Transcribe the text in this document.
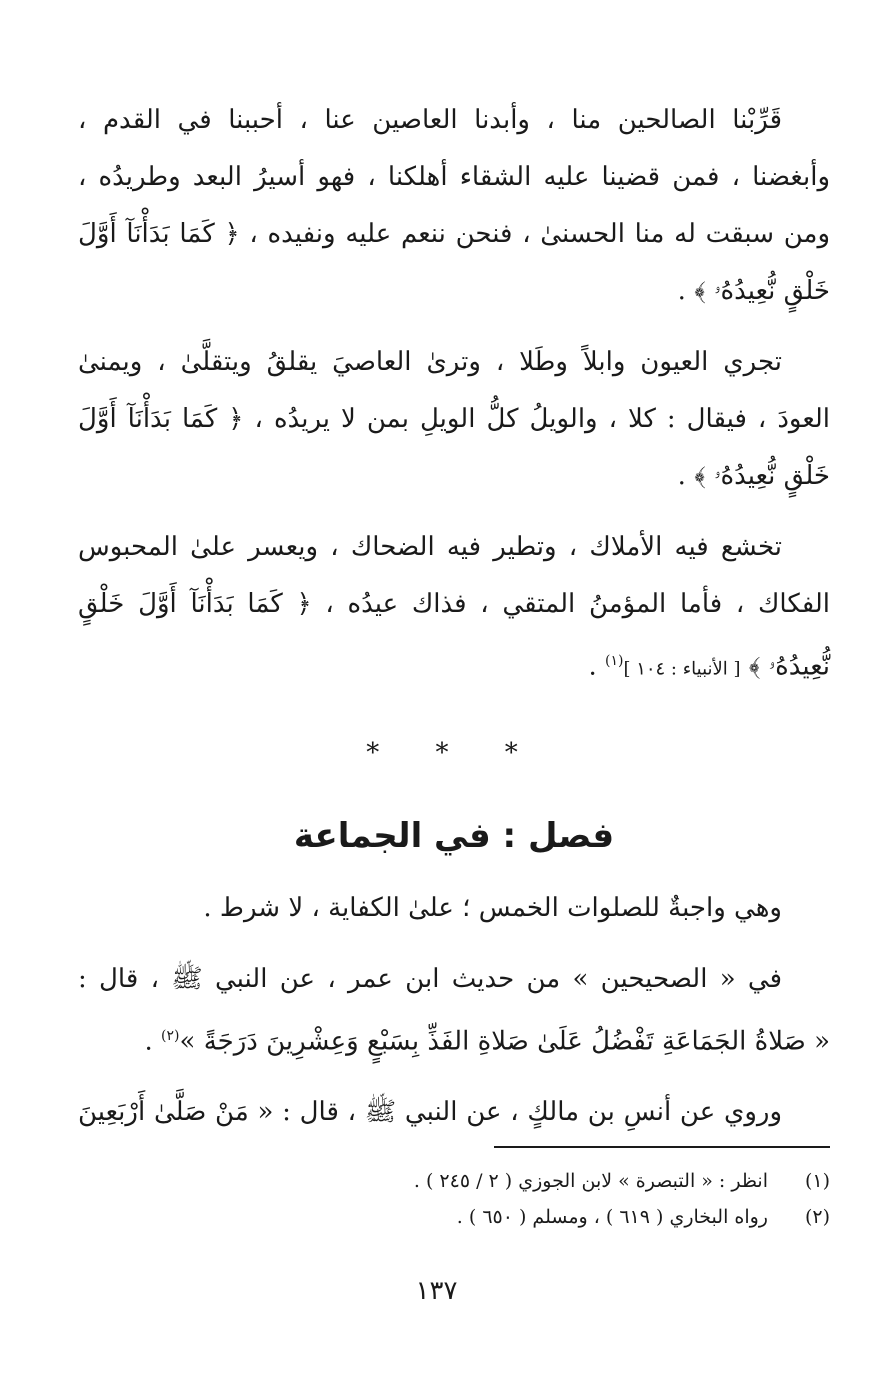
قَرِّبْنا الصالحين منا ، وأبدنا العاصين عنا ، أحببنا في القدم ،
وأبغضنا ، فمن قضينا عليه الشقاء أهلكنا ، فهو أسيرُ البعد وطريدُه ،
ومن سبقت له منا الحسنىٰ ، فنحن ننعم عليه ونفيده ، ﴿ كَمَا بَدَأْنَآ أَوَّلَ
خَلْقٍ نُّعِيدُهُۥ ﴾ .

تجري العيون وابلاً وطَلا ، وترىٰ العاصيَ يقلقُ ويتقلَّىٰ ، ويمنىٰ
العودَ ، فيقال : كلا ، والويلُ كلُّ الويلِ بمن لا يريدُه ، ﴿ كَمَا بَدَأْنَآ أَوَّلَ
خَلْقٍ نُّعِيدُهُۥ ﴾ .

تخشع فيه الأملاك ، وتطير فيه الضحاك ، ويعسر علىٰ المحبوس
الفكاك ، فأما المؤمنُ المتقي ، فذاك عيدُه ، ﴿ كَمَا بَدَأْنَآ أَوَّلَ خَلْقٍ
نُّعِيدُهُۥ ﴾ [ الأنبياء : ١٠٤ ]$^{(١)}$ .

* * *
فصل : في الجماعة

وهي واجبةٌ للصلوات الخمس ؛ علىٰ الكفاية ، لا شرط .

في « الصحيحين » من حديث ابن عمر ، عن النبي ﷺ ، قال :
« صَلاةُ الجَمَاعَةِ تَفْضُلُ عَلَىٰ صَلاةِ الفَذِّ بِسَبْعٍ وَعِشْرِينَ دَرَجَةً »$^{(٢)}$ .

وروي عن أنسِ بن مالكٍ ، عن النبي ﷺ ، قال : « مَنْ صَلَّىٰ أَرْبَعِينَ

(١)
انظر : « التبصرة » لابن الجوزي ( ٢ / ٢٤٥ ) .
(٢)
رواه البخاري ( ٦١٩ ) ، ومسلم ( ٦٥٠ ) .
١٣٧
